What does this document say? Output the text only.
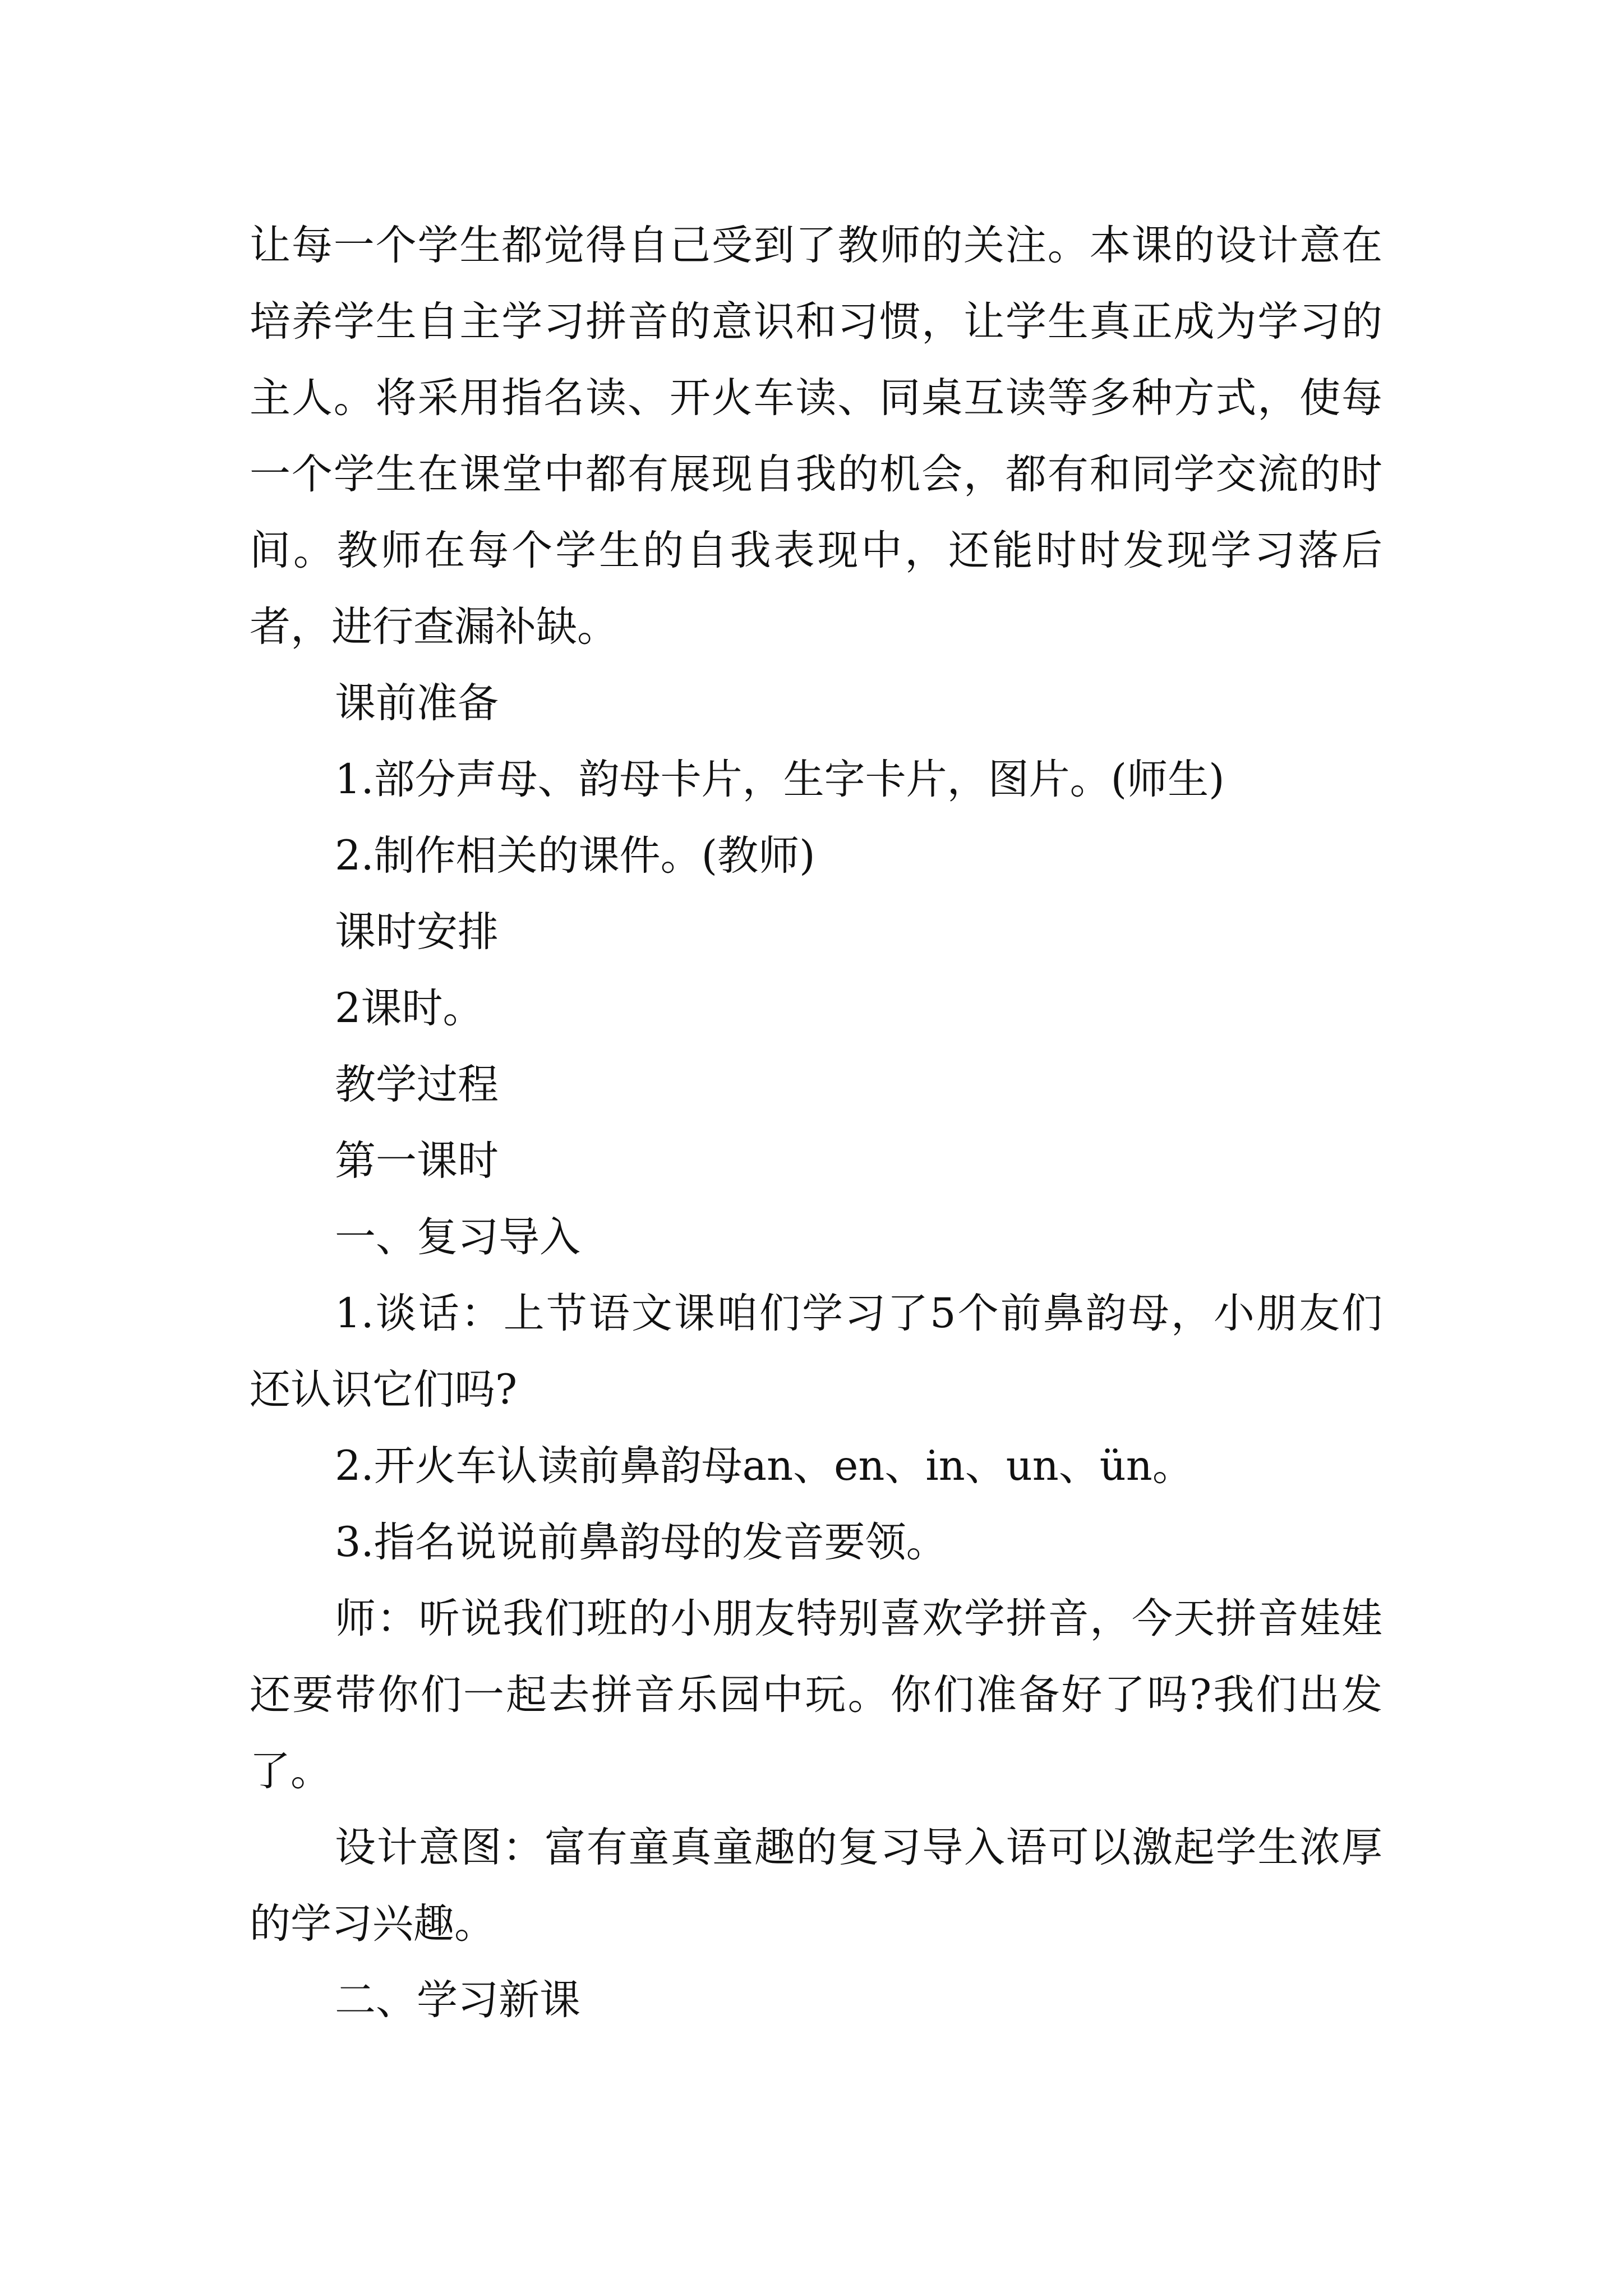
让每一个学生都觉得自己受到了教师的关注。本课的设计意在培养学生自主学习拼音的意识和习惯，让学生真正成为学习的主人。将采用指名读、开火车读、同桌互读等多种方式，使每一个学生在课堂中都有展现自我的机会，都有和同学交流的时间。教师在每个学生的自我表现中，还能时时发现学习落后者，进行查漏补缺。

课前准备

1.部分声母、韵母卡片，生字卡片，图片。(师生)

2.制作相关的课件。(教师)

课时安排

2课时。

教学过程

第一课时

一、复习导入

1.谈话：上节语文课咱们学习了5个前鼻韵母，小朋友们还认识它们吗?

2.开火车认读前鼻韵母an、en、in、un、ün。

3.指名说说前鼻韵母的发音要领。

师：听说我们班的小朋友特别喜欢学拼音，今天拼音娃娃还要带你们一起去拼音乐园中玩。你们准备好了吗?我们出发了。

设计意图：富有童真童趣的复习导入语可以激起学生浓厚的学习兴趣。

二、学习新课
